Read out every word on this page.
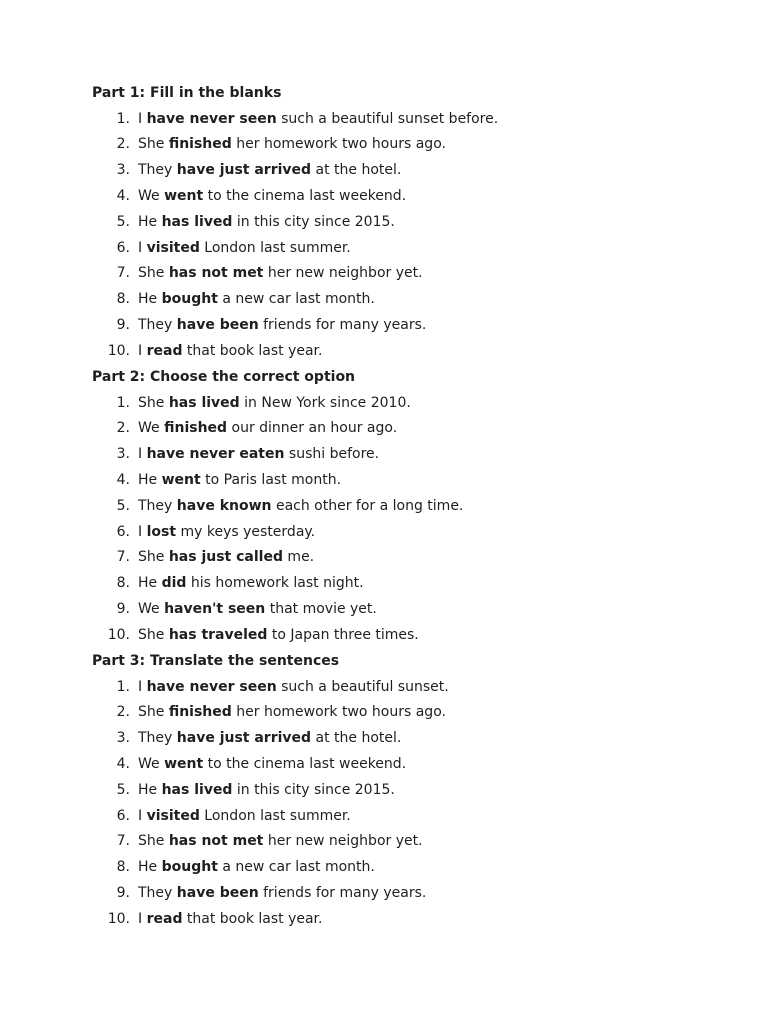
Part 1: Fill in the blanks
1. I have never seen such a beautiful sunset before.
2. She finished her homework two hours ago.
3. They have just arrived at the hotel.
4. We went to the cinema last weekend.
5. He has lived in this city since 2015.
6. I visited London last summer.
7. She has not met her new neighbor yet.
8. He bought a new car last month.
9. They have been friends for many years.
10. I read that book last year.
Part 2: Choose the correct option
1. She has lived in New York since 2010.
2. We finished our dinner an hour ago.
3. I have never eaten sushi before.
4. He went to Paris last month.
5. They have known each other for a long time.
6. I lost my keys yesterday.
7. She has just called me.
8. He did his homework last night.
9. We haven't seen that movie yet.
10. She has traveled to Japan three times.
Part 3: Translate the sentences
1. I have never seen such a beautiful sunset.
2. She finished her homework two hours ago.
3. They have just arrived at the hotel.
4. We went to the cinema last weekend.
5. He has lived in this city since 2015.
6. I visited London last summer.
7. She has not met her new neighbor yet.
8. He bought a new car last month.
9. They have been friends for many years.
10. I read that book last year.
